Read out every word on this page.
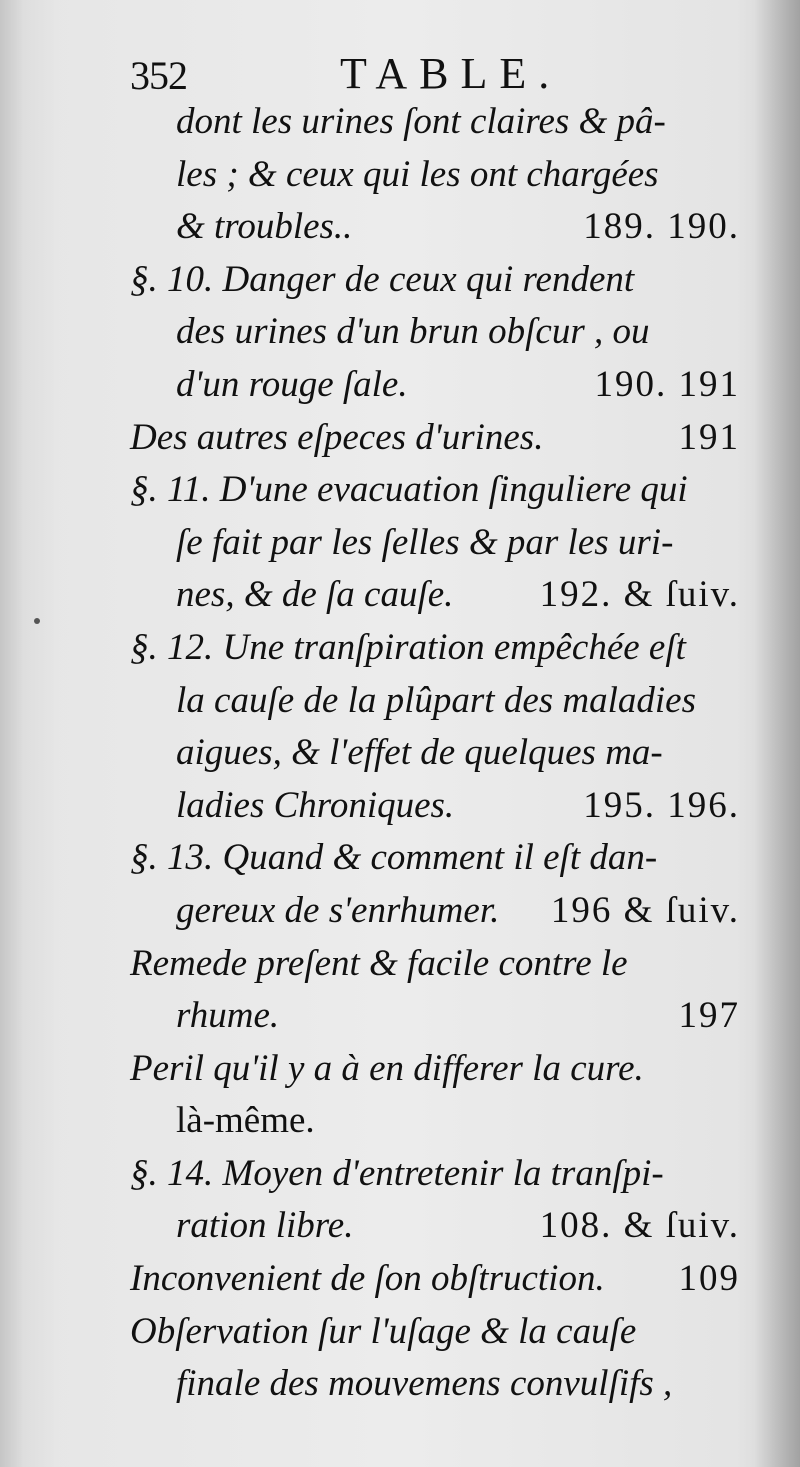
352	TABLE.
dont les urines ſont claires & pâ-
les ; & ceux qui les ont chargées
& troubles..	189. 190.
§. 10. Danger de ceux qui rendent
des urines d'un brun obſcur , ou
d'un rouge ſale.	190. 191
Des autres eſpeces d'urines.	191
§. 11. D'une evacuation ſinguliere qui
ſe fait par les ſelles & par les uri-
nes, & de ſa cauſe. 192. & ſuiv.
§. 12. Une tranſpiration empêchée eſt
la cauſe de la plûpart des maladies
aigues, & l'effet de quelques ma-
ladies Chroniques.	195. 196.
§. 13. Quand & comment il eſt dan-
gereux de s'enrhumer. 196 & ſuiv.
Remede preſent & facile contre le
rhume.	197
Peril qu'il y a à en differer la cure.
là-même.
§. 14. Moyen d'entretenir la tranſpi-
ration libre.	108. & ſuiv.
Inconvenient de ſon obſtruction. 109
Obſervation ſur l'uſage & la cauſe
finale des mouvemens convulſifs ,
